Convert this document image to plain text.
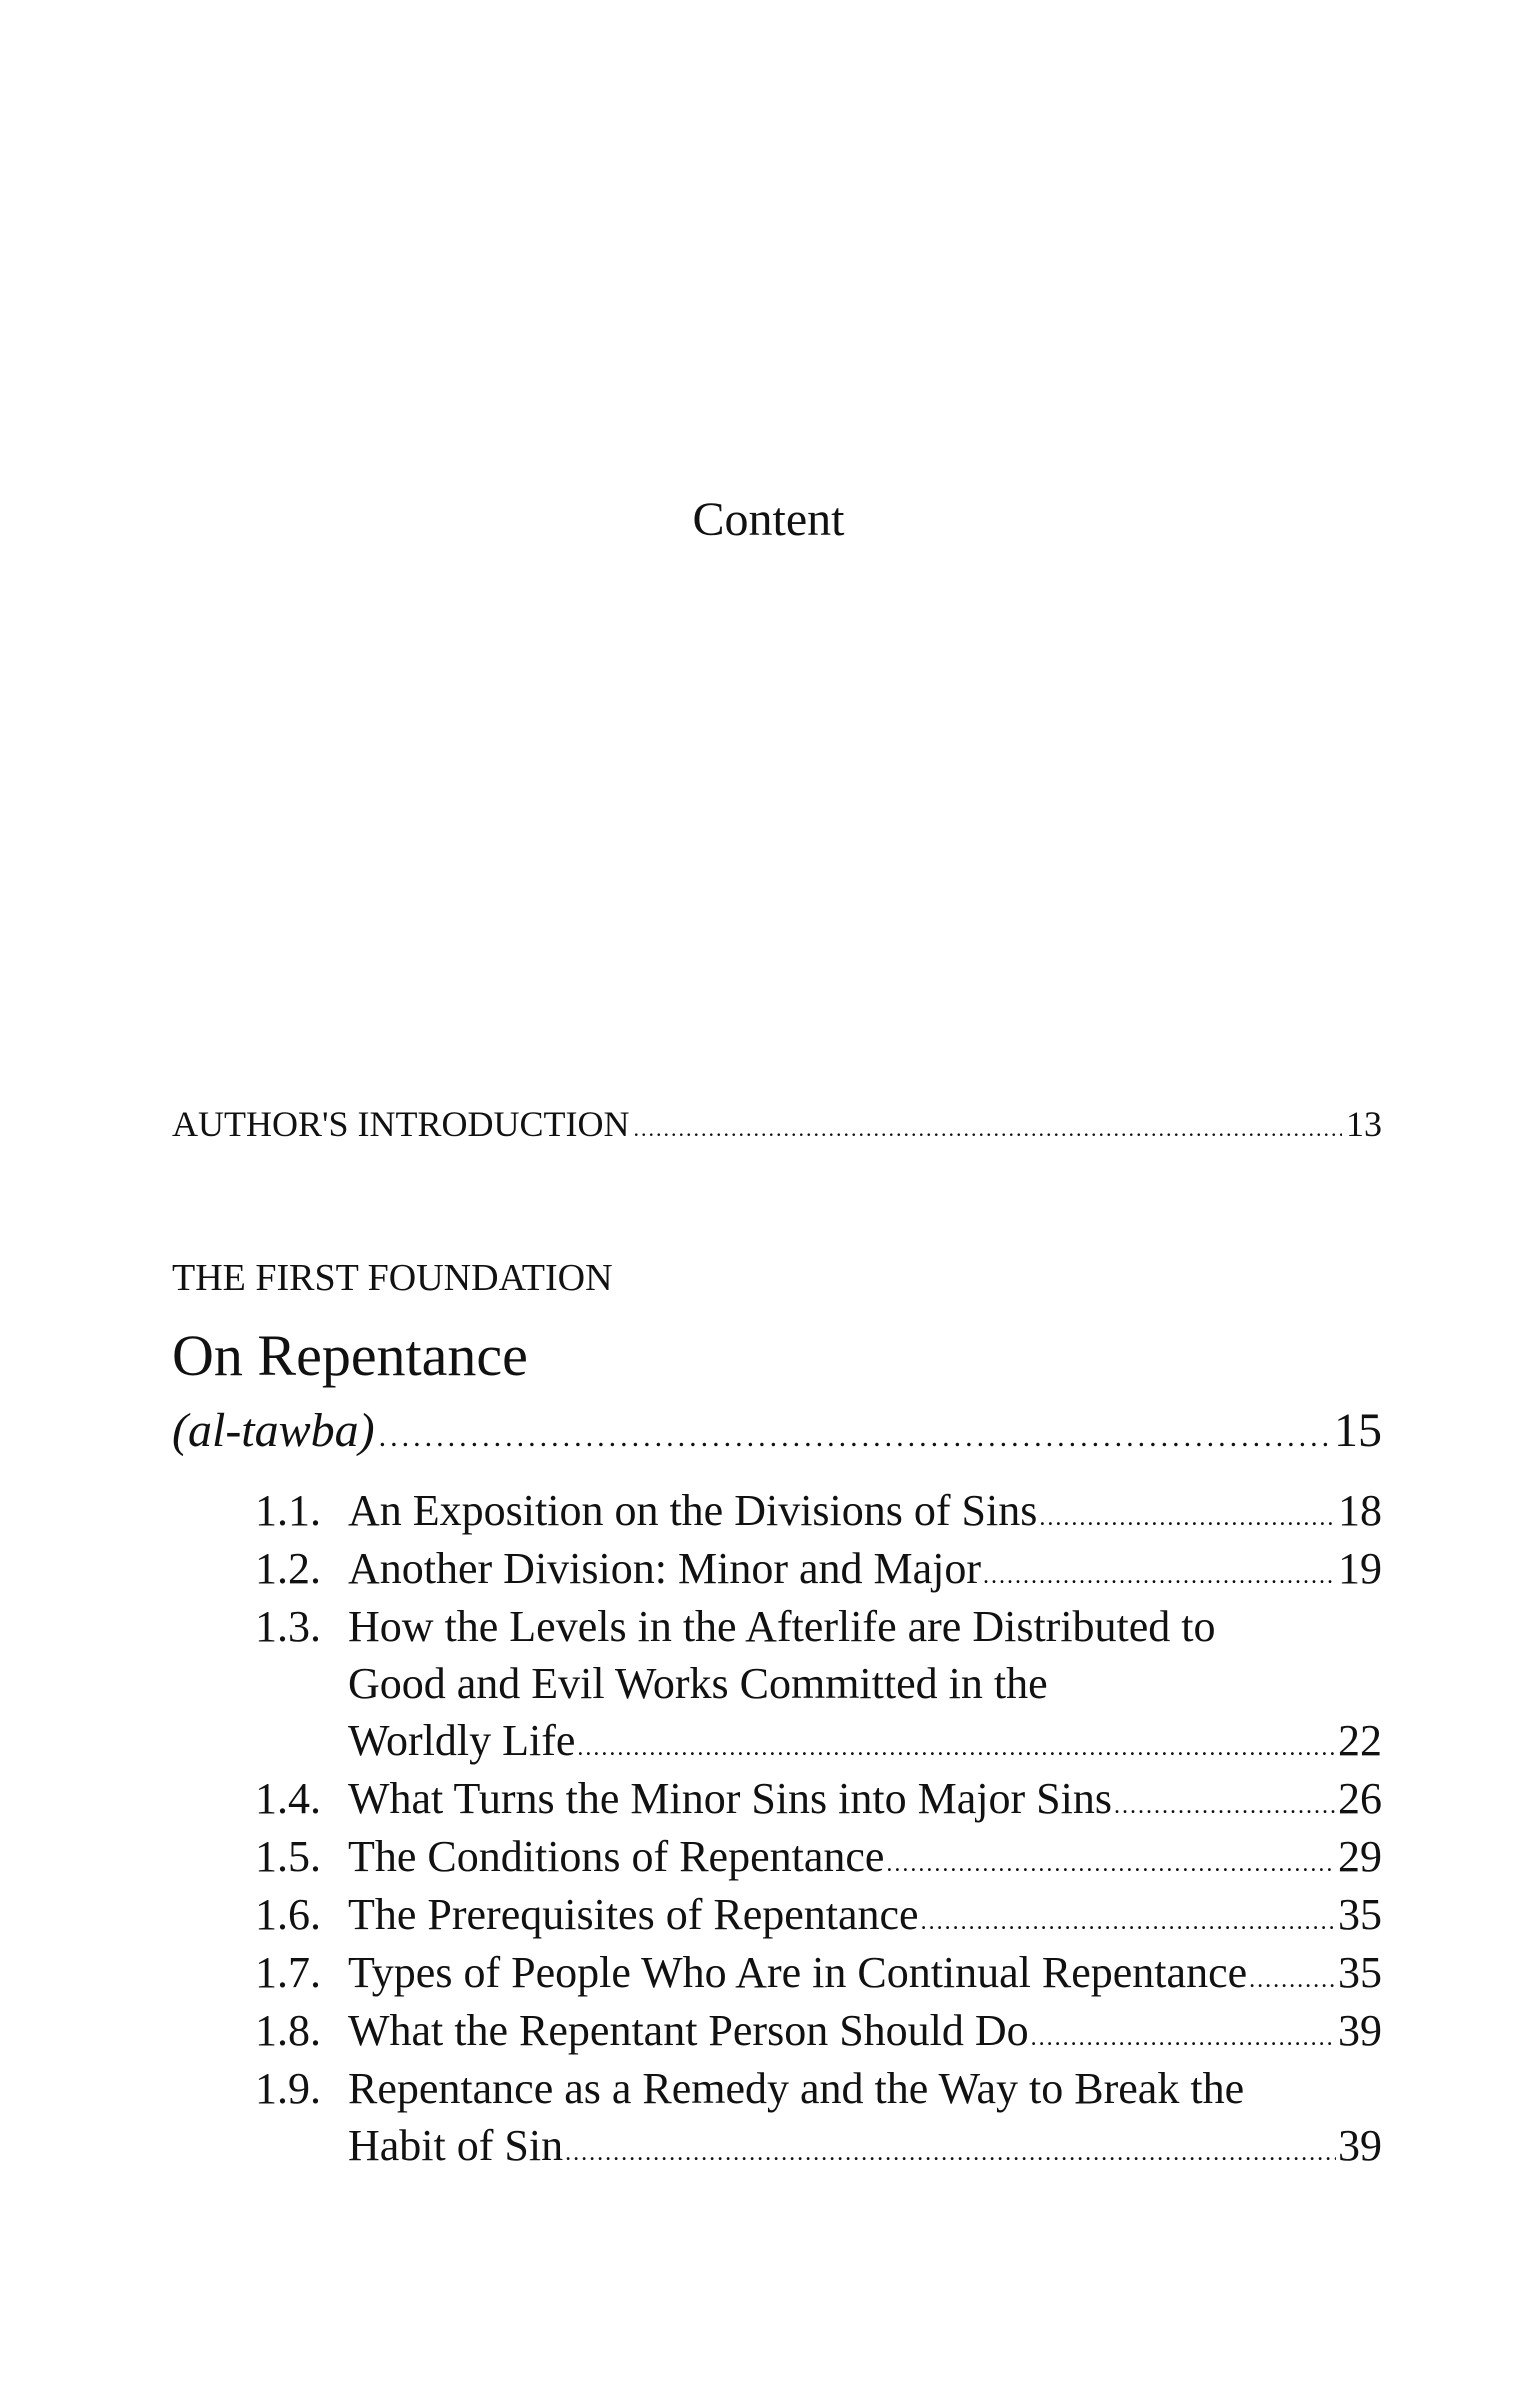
Content
AUTHOR'S INTRODUCTION .....	13
THE FIRST FOUNDATION
On Repentance
(al-tawba) .....	15
1.1. An Exposition on the Divisions of Sins .....	18
1.2. Another Division: Minor and Major .....	19
1.3. How the Levels in the Afterlife are Distributed to
Good and Evil Works Committed in the
Worldly Life .....	22
1.4. What Turns the Minor Sins into Major Sins .....	26
1.5. The Conditions of Repentance .....	29
1.6. The Prerequisites of Repentance .....	35
1.7. Types of People Who Are in Continual Repentance ..... 35
1.8. What the Repentant Person Should Do .....	39
1.9. Repentance as a Remedy and the Way to Break the
Habit of Sin .....	39
